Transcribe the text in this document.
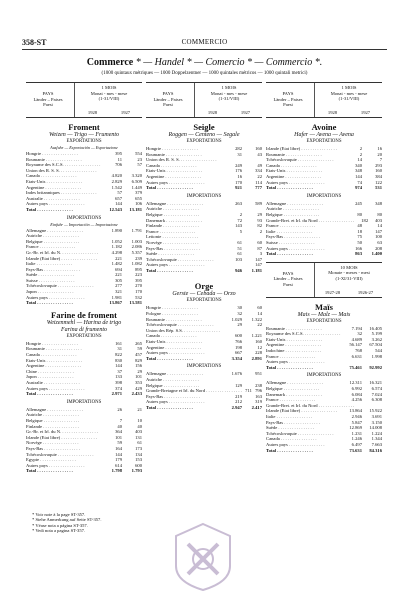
358-ST	COMMERCIO
Commerce * — Handel * — Comercio * — Commercio *.
(1000 quintaux métriques — 1000 Doppelzentner — 1000 quintales métricos — 1000 quintali metrici)
PAYS
Länder – Paises
Paesi
1 MOIS
Monat - mes - mese
(1-31/VIII)
1928	1927
Froment
Weizen — Trigo — Frumento
EXPORTATIONS
Ausfuhr — Exportación — Esportazione
Hongrie . . . . . . . . . . . . . . . .	395	554
Roumanie . . . . . . . . . . . . . . . .	11	23
Royaume des S.C.S. . . . . . . . . . . . . . . . .	706	57
Union des R. S. S. . . . . . . . . . . . . . . . .
Canada . . . . . . . . . . . . . . . .	4.820	3.320
Etats-Unis . . . . . . . . . . . . . . . .	2.829	6.509
Argentine . . . . . . . . . . . . . . . .	1.542	1.449
Indes britanniques . . . . . . . . . . . . . . . .	57	379
Australie . . . . . . . . . . . . . . . .	657	655
Autres pays . . . . . . . . . . . . . . . .	144	106
Total . . . . . . . . . . . . . . . .	12.543	13.181
IMPORTATIONS
Einfuhr — Importación — Importazione
Allemagne . . . . . . . . . . . . . . . .	1.890	1.791
Autriche . . . . . . . . . . . . . . . .
Belgique . . . . . . . . . . . . . . . .	1.052	1.003
France . . . . . . . . . . . . . . . .	1.182	2.086
Gr.-Br. et Irl. du N. . . . . . . . . . . . . . . . .	4.298	5.357
Irlande (Etat libre) . . . . . . . . . . . . . . . .	221	239
Italie . . . . . . . . . . . . . . . .	1.482	1.082
Pays-Bas . . . . . . . . . . . . . . . .	694	895
Suède . . . . . . . . . . . . . . . .	221	223
Suisse . . . . . . . . . . . . . . . .	305	395
Tchécoslovaquie . . . . . . . . . . . . . . . .	277	270
Japon . . . . . . . . . . . . . . . .	321	170
Autres pays . . . . . . . . . . . . . . . .	1.981	532
Total . . . . . . . . . . . . . . . .	13.867	13.581
Farine de froment
Weizenmehl — Harina de trigo
Farina di frumento
EXPORTATIONS
Hongrie . . . . . . . . . . . . . . . .	161	265
Roumanie . . . . . . . . . . . . . . . .	31	59
Canada . . . . . . . . . . . . . . . .	822	457
Etats-Unis . . . . . . . . . . . . . . . .	830	829
Argentine . . . . . . . . . . . . . . . .	144	156
Chine . . . . . . . . . . . . . . . .	37	29
Japon . . . . . . . . . . . . . . . .	133	101
Australie . . . . . . . . . . . . . . . .	398	353
Autres pays . . . . . . . . . . . . . . . .	374	429
Total . . . . . . . . . . . . . . . .	2.971	2.433
IMPORTATIONS
Allemagne . . . . . . . . . . . . . . . .	26	21
Autriche . . . . . . . . . . . . . . . .
Belgique . . . . . . . . . . . . . . . .	7	10
Finlande . . . . . . . . . . . . . . . .	40	40
Gr.-Br. et Irl. du N. . . . . . . . . . . . . . . . .	364	403
Irlande (Etat libre) . . . . . . . . . . . . . . . .	101	131
Norvège . . . . . . . . . . . . . . . .	59	61
Pays-Bas . . . . . . . . . . . . . . . .	164	173
Tchécoslovaquie . . . . . . . . . . . . . . . .	144	134
Egypte . . . . . . . . . . . . . . . .	179	153
Autres pays . . . . . . . . . . . . . . . .	614	600
Total . . . . . . . . . . . . . . . .	1.798	1.793
PAYS
Länder – Paises
Paesi
1 MOIS
Monat - mes - mese
(1-31/VIII)
1928	1927
Seigle
Roggen — Centeno — Segale
EXPORTATIONS
Hongrie . . . . . . . . . . . . . . . .	282	160
Roumanie . . . . . . . . . . . . . . . .	31	43
Union des R. S. S. . . . . . . . . . . . . . . . .
Canada . . . . . . . . . . . . . . . .	249	49
Etats-Unis . . . . . . . . . . . . . . . .	176	334
Argentine . . . . . . . . . . . . . . . .	16	22
Autres pays . . . . . . . . . . . . . . . .	170	114
Total . . . . . . . . . . . . . . . .	921	777
IMPORTATIONS
Allemagne . . . . . . . . . . . . . . . .	263	589
Autriche . . . . . . . . . . . . . . . .
Belgique . . . . . . . . . . . . . . . .	2	29
Danemark . . . . . . . . . . . . . . . .	72	93
Finlande . . . . . . . . . . . . . . . .	143	82
France . . . . . . . . . . . . . . . .	5	2
Lettonie . . . . . . . . . . . . . . . .
Norvège . . . . . . . . . . . . . . . .	61	60
Pays-Bas . . . . . . . . . . . . . . . .	51	87
Suède . . . . . . . . . . . . . . . .	61	3
Tchécoslovaquie . . . . . . . . . . . . . . . .	103	147
Autres pays . . . . . . . . . . . . . . . .	147
Total . . . . . . . . . . . . . . . .	946	1.181
Orge
Gerste — Cebada — Orzo
EXPORTATIONS
Hongrie . . . . . . . . . . . . . . . .	30	60
Pologne . . . . . . . . . . . . . . . .	32	14
Roumanie . . . . . . . . . . . . . . . .	1.029	1.322
Tchécoslovaquie . . . . . . . . . . . . . . . .	29	22
Union des Rép. S.S. . . . . . . . . . . . . . . . .
Canada . . . . . . . . . . . . . . . .	600	1.221
Etats-Unis . . . . . . . . . . . . . . . .	766	160
Argentine . . . . . . . . . . . . . . . .	198	12
Autres pays . . . . . . . . . . . . . . . .	667	228
Total . . . . . . . . . . . . . . . .	3.354	2.891
IMPORTATIONS
Allemagne . . . . . . . . . . . . . . . .	1.676	951
Autriche . . . . . . . . . . . . . . . .
Belgique . . . . . . . . . . . . . . . .	129	238
Grande-Bretagne et Irl. du Nord . . . . . . . . . . . . . . . . 711 796
Pays-Bas . . . . . . . . . . . . . . . .	219	163
Autres pays . . . . . . . . . . . . . . . .	212	319
Total . . . . . . . . . . . . . . . .	2.947	2.417
PAYS
Länder – Paises
Paesi
1 MOIS
Monat - mes - mese
(1-31/VIII)
1928	1927
Avoine
Hafer — Avena — Avena
EXPORTATIONS
Irlande (Etat libre) . . . . . . . . . . . . . . . .	2	16
Roumanie . . . . . . . . . . . . . . . .	2	20
Tchécoslovaquie . . . . . . . . . . . . . . . .	14	7
Canada . . . . . . . . . . . . . . . .	340	293
Etats-Unis . . . . . . . . . . . . . . . .	348	160
Argentine . . . . . . . . . . . . . . . .	144	384
Autres pays . . . . . . . . . . . . . . . .	74	122
Total . . . . . . . . . . . . . . . .	974	531
IMPORTATIONS
Allemagne . . . . . . . . . . . . . . . .	245	348
Autriche . . . . . . . . . . . . . . . .
Belgique . . . . . . . . . . . . . . . .	80	80
Grande-Bret. et Irl. du Nord . . . . . . . . . . . . . . . .	182	403
France . . . . . . . . . . . . . . . .	48	14
Italie . . . . . . . . . . . . . . . .	18	147
Pays-Bas . . . . . . . . . . . . . . . .	75	100
Suisse . . . . . . . . . . . . . . . .	50	63
Autres pays . . . . . . . . . . . . . . . .	166	208
Total . . . . . . . . . . . . . . . .	863	1.400
PAYS
Länder – Paises
Paesi
10 MOIS
Monate - meses - mesi
(1-XI/31-VIII)
1927-28	1926-27
Maïs
Mais — Malz — Mais
EXPORTATIONS
Roumanie . . . . . . . . . . . . . . . .	7.194	16.405
Royaume des S.C.S. . . . . . . . . . . . . . . . .	32	5.199
Etats-Unis . . . . . . . . . . . . . . . .	4.689	3.262
Argentine . . . . . . . . . . . . . . . .	56.147	67.504
Indochine . . . . . . . . . . . . . . . .	768	544
France . . . . . . . . . . . . . . . .	6.631	1.998
Autres pays . . . . . . . . . . . . . . . .
Total . . . . . . . . . . . . . . . .	75.461	92.992
IMPORTATIONS
Allemagne . . . . . . . . . . . . . . . .	12.311	16.321
Belgique . . . . . . . . . . . . . . . .	6.992	6.574
Danemark . . . . . . . . . . . . . . . .	6.084	7.024
France . . . . . . . . . . . . . . . .	4.256	6.308
Grande-Bret. et Irl. du Nord . . . . . . . . . . . . . . . .
Irlande (Etat libre) . . . . . . . . . . . . . . . .	13.864	15.922
Italie . . . . . . . . . . . . . . . .	2.946	3.691
Pays-Bas . . . . . . . . . . . . . . . .	5.847	3.150
Suède . . . . . . . . . . . . . . . .	12.869	14.008
Tchécoslovaquie . . . . . . . . . . . . . . . .	1.231	1.224
Canada . . . . . . . . . . . . . . . .	1.246	1.344
Autres pays . . . . . . . . . . . . . . . .	6.497	7.663
Total . . . . . . . . . . . . . . . .	73.631	84.316
* Voir note à la page ST-357.
* Siehe Anmerkung auf Seite ST-357.
* Véase nota a página ST-357.
* Vedi nota a pagina ST-357.
